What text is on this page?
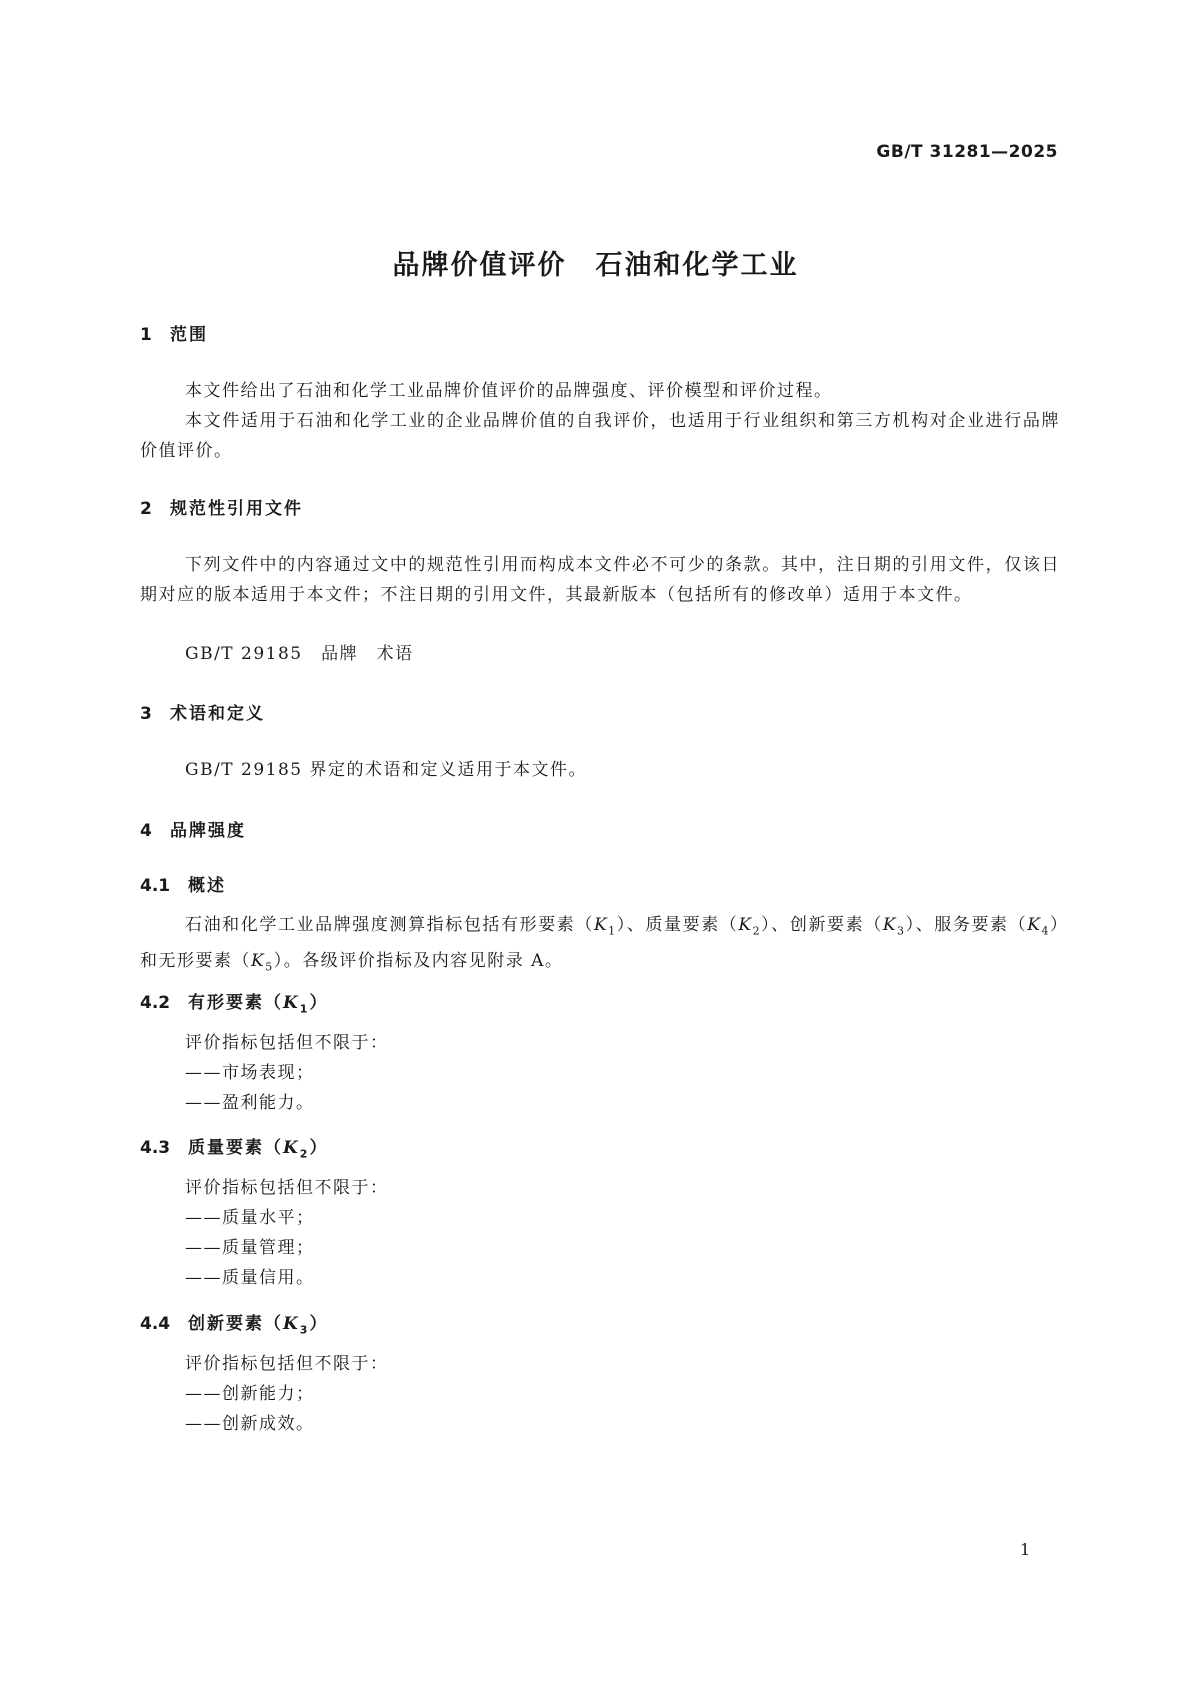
GB/T 31281—2025
品牌价值评价　石油和化学工业
1 范围
本文件给出了石油和化学工业品牌价值评价的品牌强度、评价模型和评价过程。
本文件适用于石油和化学工业的企业品牌价值的自我评价，也适用于行业组织和第三方机构对企业进行品牌价值评价。
2 规范性引用文件
下列文件中的内容通过文中的规范性引用而构成本文件必不可少的条款。其中，注日期的引用文件，仅该日期对应的版本适用于本文件；不注日期的引用文件，其最新版本（包括所有的修改单）适用于本文件。
GB/T 29185　品牌　术语
3 术语和定义
GB/T 29185 界定的术语和定义适用于本文件。
4 品牌强度
4.1 概述
石油和化学工业品牌强度测算指标包括有形要素$(K_1)$、质量要素$(K_2)$、创新要素$(K_3)$、服务要素$(K_4)$和无形要素$(K_5)$。各级评价指标及内容见附录 A。
4.2 有形要素$(K_1)$
评价指标包括但不限于：
——市场表现；
——盈利能力。
4.3 质量要素$(K_2)$
评价指标包括但不限于：
——质量水平；
——质量管理；
——质量信用。
4.4 创新要素$(K_3)$
评价指标包括但不限于：
——创新能力；
——创新成效。
1
